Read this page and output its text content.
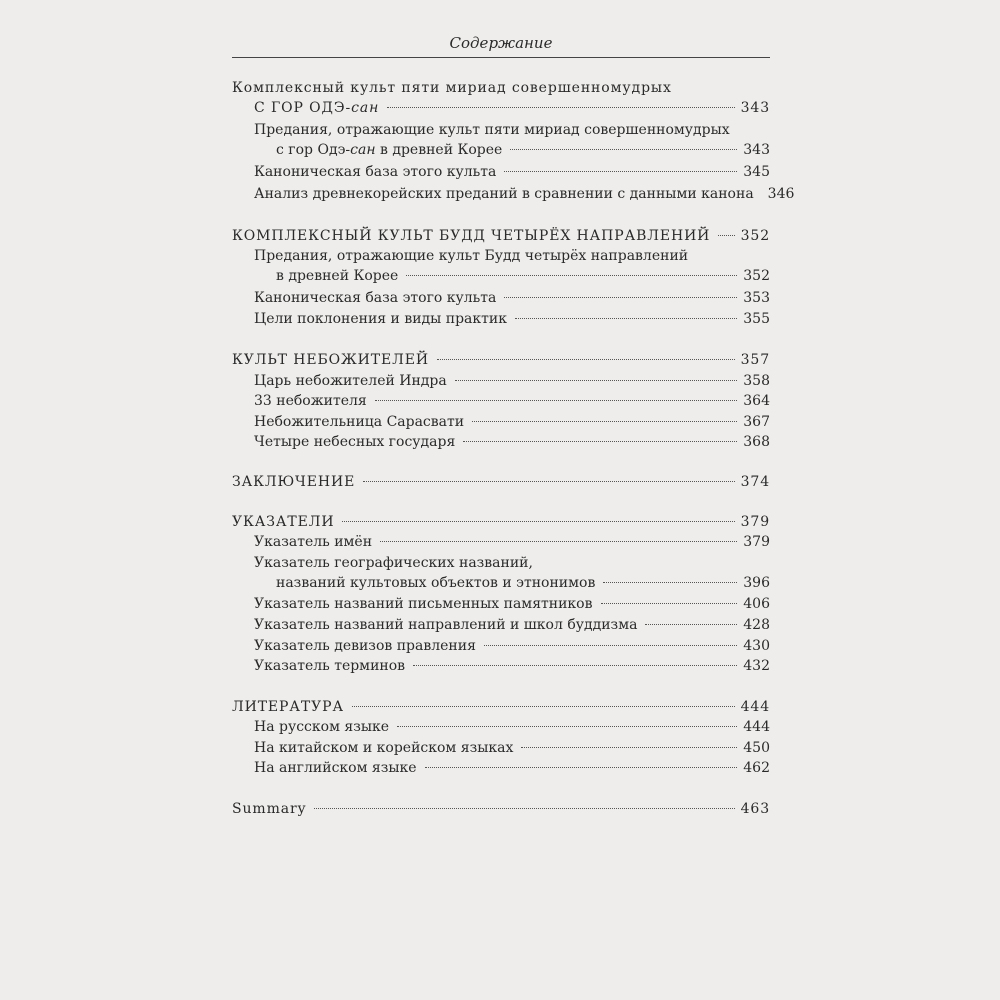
Содержание
Комплексный культ пяти мириад совершенномудрых
С ГОР ОДЭ-сан	343
Предания, отражающие культ пяти мириад совершенномудрых
с гор Одэ-сан в древней Корее	343
Каноническая база этого культа	345
Анализ древнекорейских преданий в сравнении с данными канона 346
КОМПЛЕКСНЫЙ КУЛЬТ БУДД ЧЕТЫРЁХ НАПРАВЛЕНИЙ 352
Предания, отражающие культ Будд четырёх направлений
в древней Корее	352
Каноническая база этого культа	353
Цели поклонения и виды практик	355
КУЛЬТ НЕБОЖИТЕЛЕЙ	357
Царь небожителей Индра	358
33 небожителя	364
Небожительница Сарасвати	367
Четыре небесных государя	368
ЗАКЛЮЧЕНИЕ	374
УКАЗАТЕЛИ	379
Указатель имён	379
Указатель географических названий,
названий культовых объектов и этнонимов	396
Указатель названий письменных памятников	406
Указатель названий направлений и школ буддизма	428
Указатель девизов правления	430
Указатель терминов	432
ЛИТЕРАТУРА	444
На русском языке	444
На китайском и корейском языках	450
На английском языке	462
Summary	463
